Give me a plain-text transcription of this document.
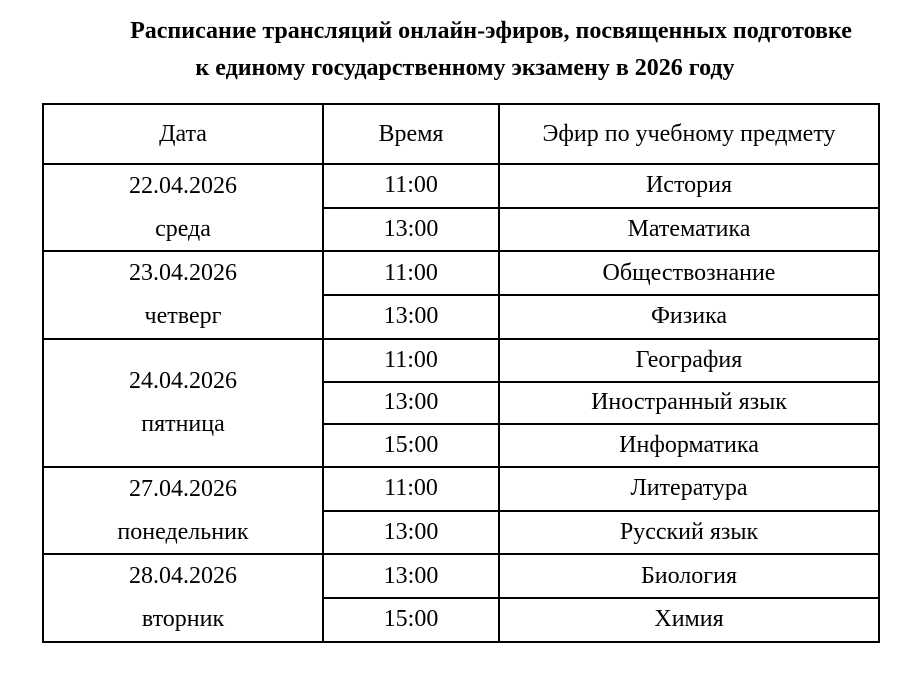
Расписание трансляций онлайн-эфиров, посвященных подготовке
к единому государственному экзамену в 2026 году
Дата	Время	Эфир по учебному предмету

22.04.2026
среда	11:00	История
	13:00	Математика

23.04.2026
четверг	11:00	Обществознание
	13:00	Физика

24.04.2026
пятница	11:00	География
	13:00	Иностранный язык
	15:00	Информатика

27.04.2026
понедельник	11:00	Литература
	13:00	Русский язык

28.04.2026
вторник	13:00	Биология
	15:00	Химия
